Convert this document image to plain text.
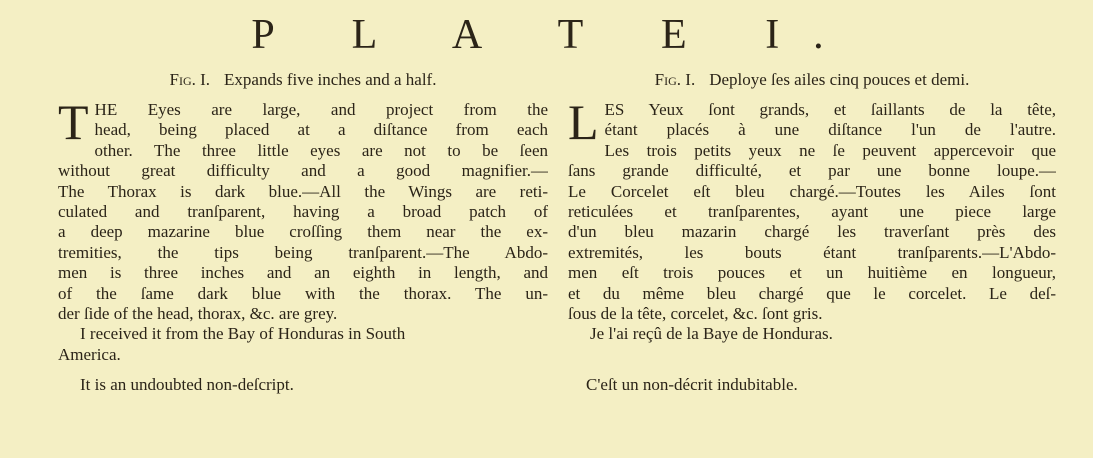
P L A T E I.
Fig. I. Expands five inches and a half.
T HE Eyes are large, and project from the
head, being placed at a diſtance from each
other. The three little eyes are not to be ſeen
without great difficulty and a good magnifier.—
The Thorax is dark blue.—All the Wings are reti-
culated and tranſparent, having a broad patch of
a deep mazarine blue croſſing them near the ex-
tremities, the tips being tranſparent.—The Abdo-
men is three inches and an eighth in length, and
of the ſame dark blue with the thorax. The un-
der ſide of the head, thorax, &c. are grey.

I received it from the Bay of Honduras in South
America.

It is an undoubted non-deſcript.

Fig. I. Deploye ſes ailes cinq pouces et demi.
L ES Yeux ſont grands, et ſaillants de la tête,
étant placés à une diſtance l'un de l'autre.
Les trois petits yeux ne ſe peuvent appercevoir que
ſans grande difficulté, et par une bonne loupe.—
Le Corcelet eſt bleu chargé.—Toutes les Ailes ſont
reticulées et tranſparentes, ayant une piece large
d'un bleu mazarin chargé les traverſant près des
extremités, les bouts étant tranſparents.—L'Abdo-
men eſt trois pouces et un huitième en longueur,
et du même bleu chargé que le corcelet. Le deſ-
ſous de la tête, corcelet, &c. ſont gris.

Je l'ai reçû de la Baye de Honduras.

C'eſt un non-décrit indubitable.
